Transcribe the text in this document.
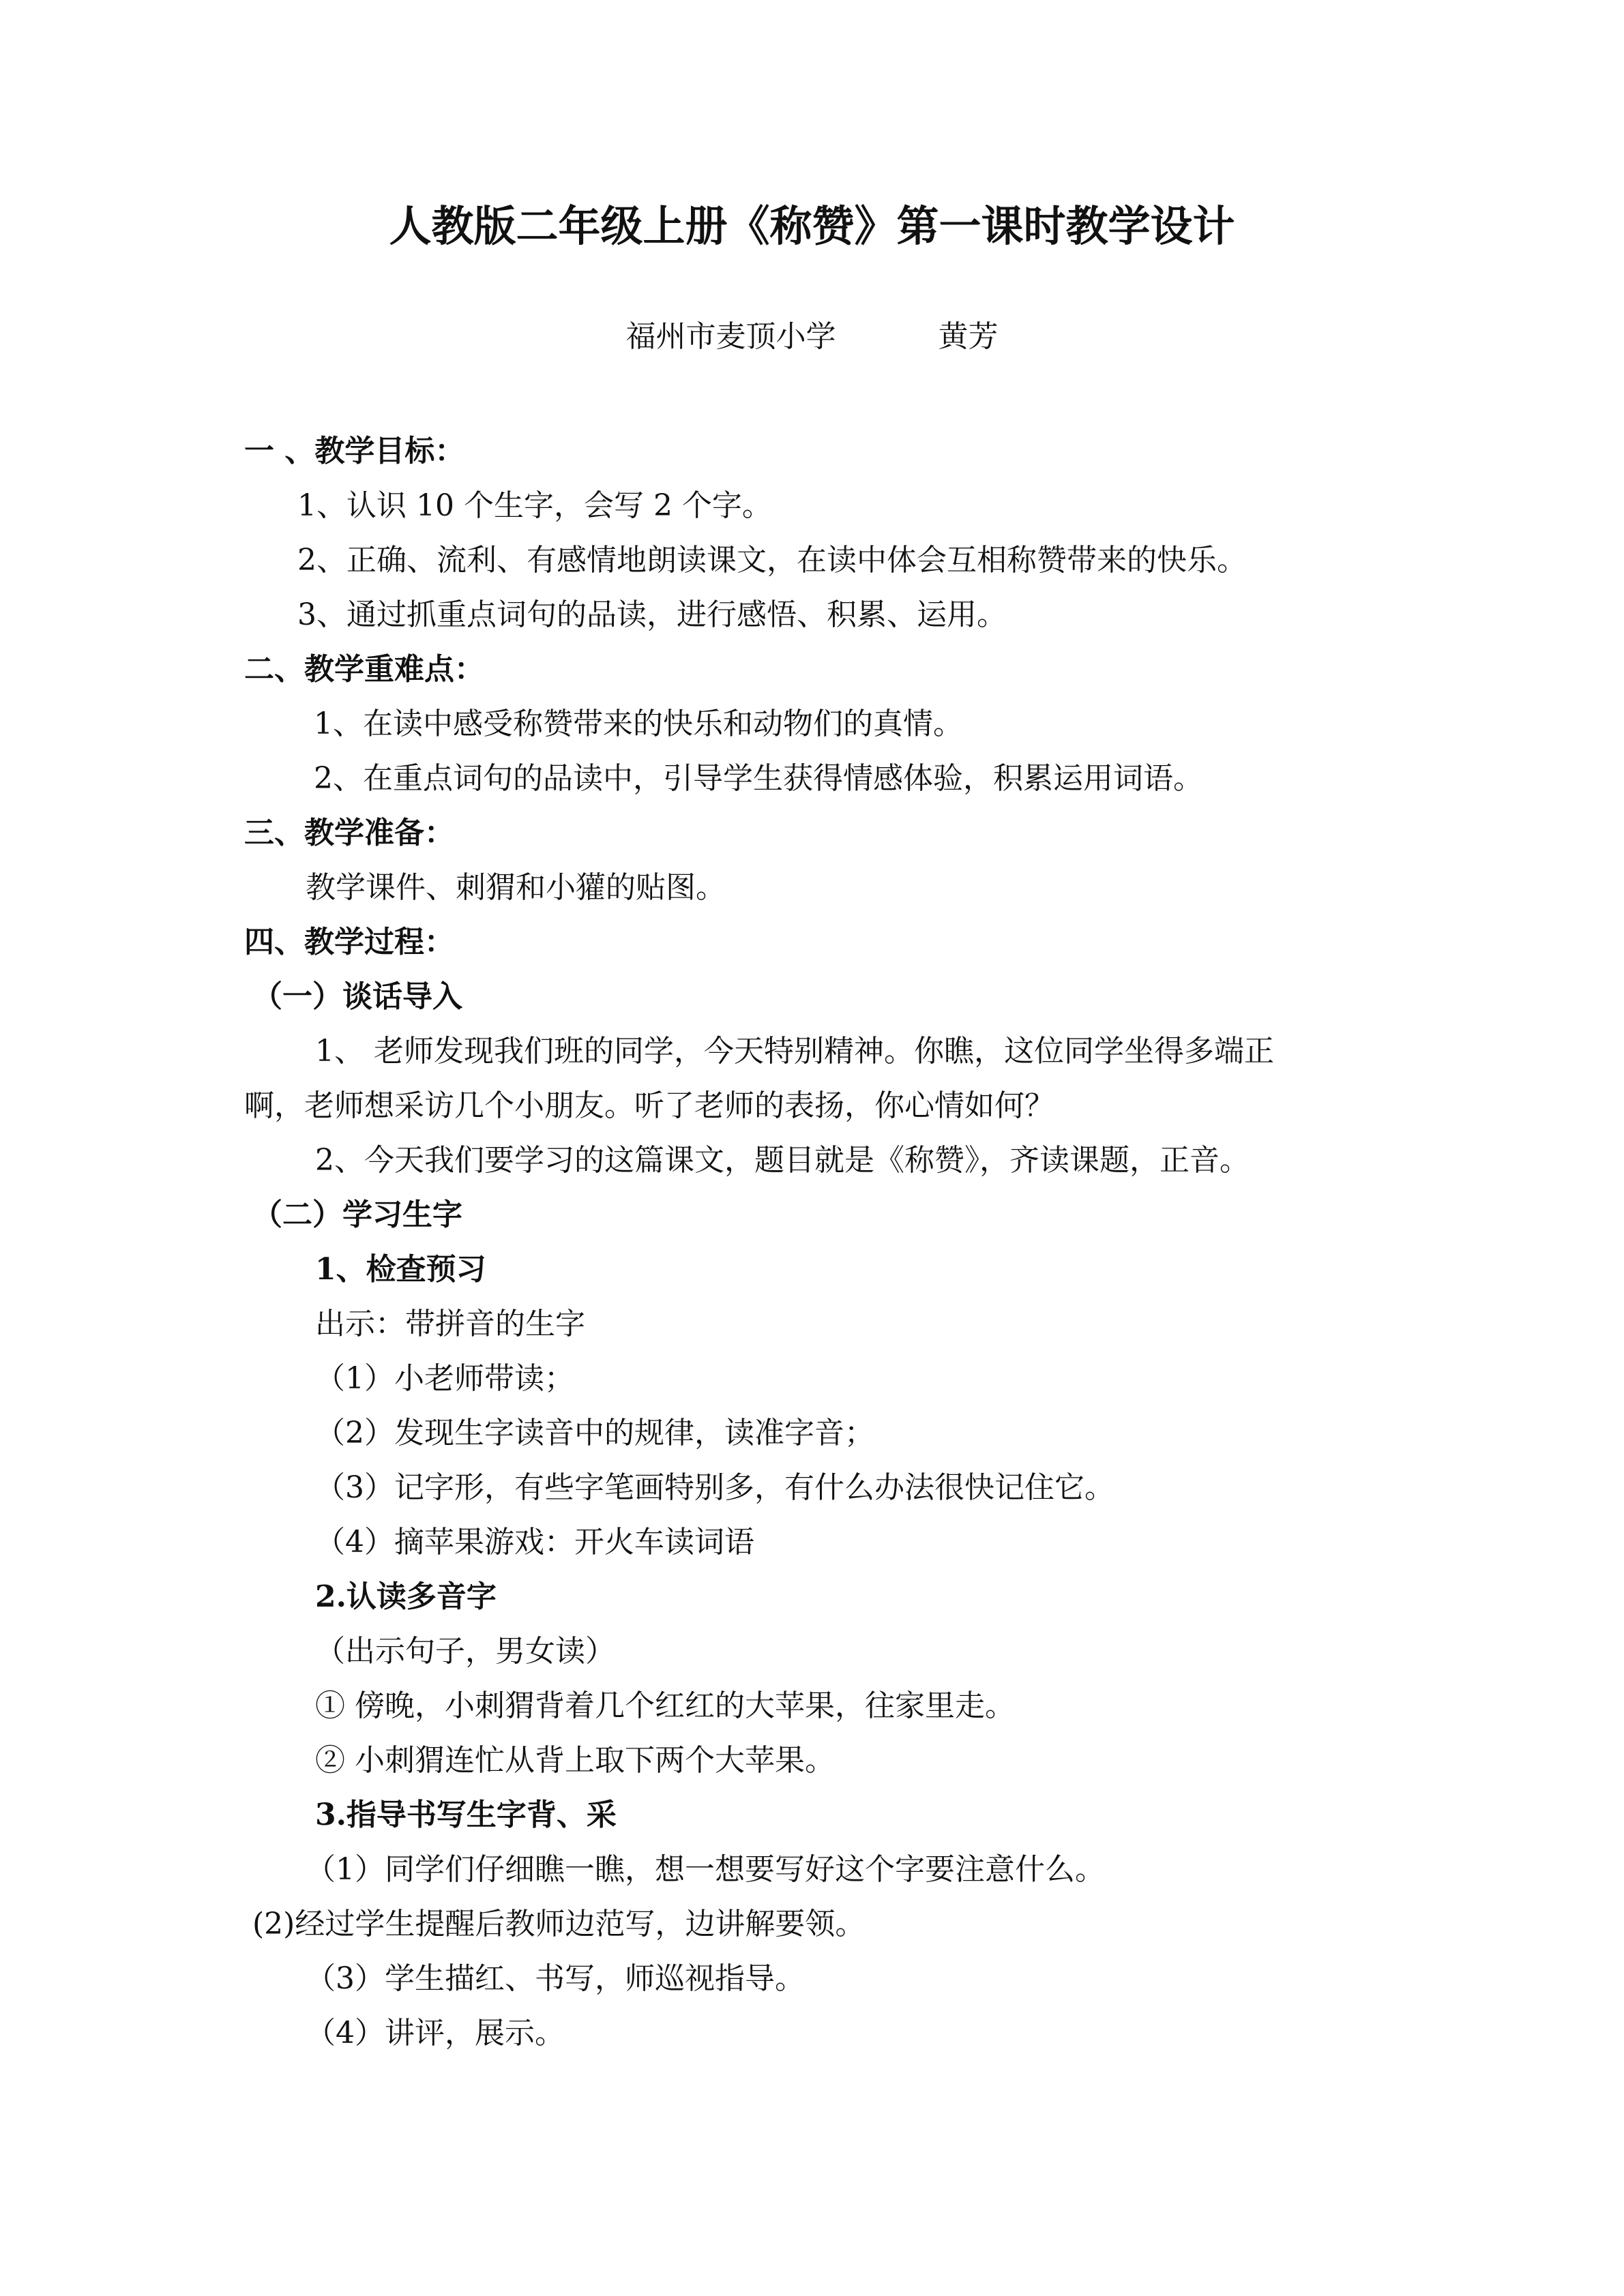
人教版二年级上册《称赞》第一课时教学设计
福州市麦顶小学	黄芳
一 、教学目标：
1、认识 10 个生字，会写 2 个字。
2、正确、流利、有感情地朗读课文，在读中体会互相称赞带来的快乐。
3、通过抓重点词句的品读，进行感悟、积累、运用。
二、教学重难点：
1、在读中感受称赞带来的快乐和动物们的真情。
2、在重点词句的品读中，引导学生获得情感体验，积累运用词语。
三、教学准备：
教学课件、刺猬和小獾的贴图。
四、教学过程：
（一）谈话导入
1、 老师发现我们班的同学，今天特别精神。你瞧，这位同学坐得多端正
啊，老师想采访几个小朋友。听了老师的表扬，你心情如何？
2、今天我们要学习的这篇课文，题目就是《称赞》，齐读课题，正音。
（二）学习生字
1、检查预习
出示：带拼音的生字
（1）小老师带读；
（2）发现生字读音中的规律，读准字音；
（3）记字形，有些字笔画特别多，有什么办法很快记住它。
（4）摘苹果游戏：开火车读词语
2.认读多音字
（出示句子，男女读）
① 傍晚，小刺猬背着几个红红的大苹果，往家里走。
② 小刺猬连忙从背上取下两个大苹果。
3.指导书写生字背、采
（1）同学们仔细瞧一瞧，想一想要写好这个字要注意什么。
(2)经过学生提醒后教师边范写，边讲解要领。
（3）学生描红、书写，师巡视指导。
（4）讲评，展示。
